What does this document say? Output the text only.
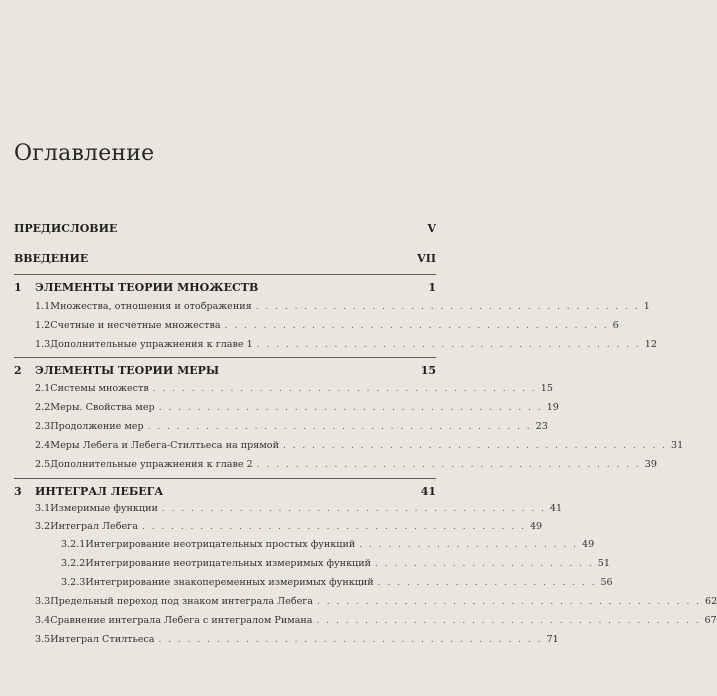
Оглавление
ПРЕДИСЛОВИЕ	V
ВВЕДЕНИЕ	VII
1	ЭЛЕМЕНТЫ ТЕОРИИ МНОЖЕСТВ	1
1.1 Множества, отношения и отображения . . . . . . . . . . . . . . . . . . . . . . . . . . . . . . . . . . . . . . . . 1
1.2 Счетные и несчетные множества . . . . . . . . . . . . . . . . . . . . . . . . . . . . . . . . . . . . . . . . 6
1.3 Дополнительные упражнения к главе 1 . . . . . . . . . . . . . . . . . . . . . . . . . . . . . . . . . . . . . . . . 12
2	ЭЛЕМЕНТЫ ТЕОРИИ МЕРЫ	15
2.1 Системы множеств . . . . . . . . . . . . . . . . . . . . . . . . . . . . . . . . . . . . . . . . 15
2.2 Меры. Свойства мер . . . . . . . . . . . . . . . . . . . . . . . . . . . . . . . . . . . . . . . . 19
2.3 Продолжение мер . . . . . . . . . . . . . . . . . . . . . . . . . . . . . . . . . . . . . . . . 23
2.4 Меры Лебега и Лебега-Стилтьеса на прямой . . . . . . . . . . . . . . . . . . . . . . . . . . . . . . . . . . . . . . . . 31
2.5 Дополнительные упражнения к главе 2 . . . . . . . . . . . . . . . . . . . . . . . . . . . . . . . . . . . . . . . . 39
3	ИНТЕГРАЛ ЛЕБЕГА	41
3.1 Измеримые функции . . . . . . . . . . . . . . . . . . . . . . . . . . . . . . . . . . . . . . . . 41
3.2 Интеграл Лебега . . . . . . . . . . . . . . . . . . . . . . . . . . . . . . . . . . . . . . . . 49
3.2.1 Интегрирование неотрицательных простых функций . . . . . . . . . . . . . . . . . . . . . . . 49
3.2.2 Интегрирование неотрицательных измеримых функций . . . . . . . . . . . . . . . . . . . . . . . 51
3.2.3 Интегрирование знакопеременных измеримых функций . . . . . . . . . . . . . . . . . . . . . . . 56
3.3 Предельный переход под знаком интеграла Лебега . . . . . . . . . . . . . . . . . . . . . . . . . . . . . . . . . . . . . . . . 62
3.4 Сравнение интеграла Лебега с интегралом Римана . . . . . . . . . . . . . . . . . . . . . . . . . . . . . . . . . . . . . . . . 67
3.5 Интеграл Стилтьеса . . . . . . . . . . . . . . . . . . . . . . . . . . . . . . . . . . . . . . . . 71
